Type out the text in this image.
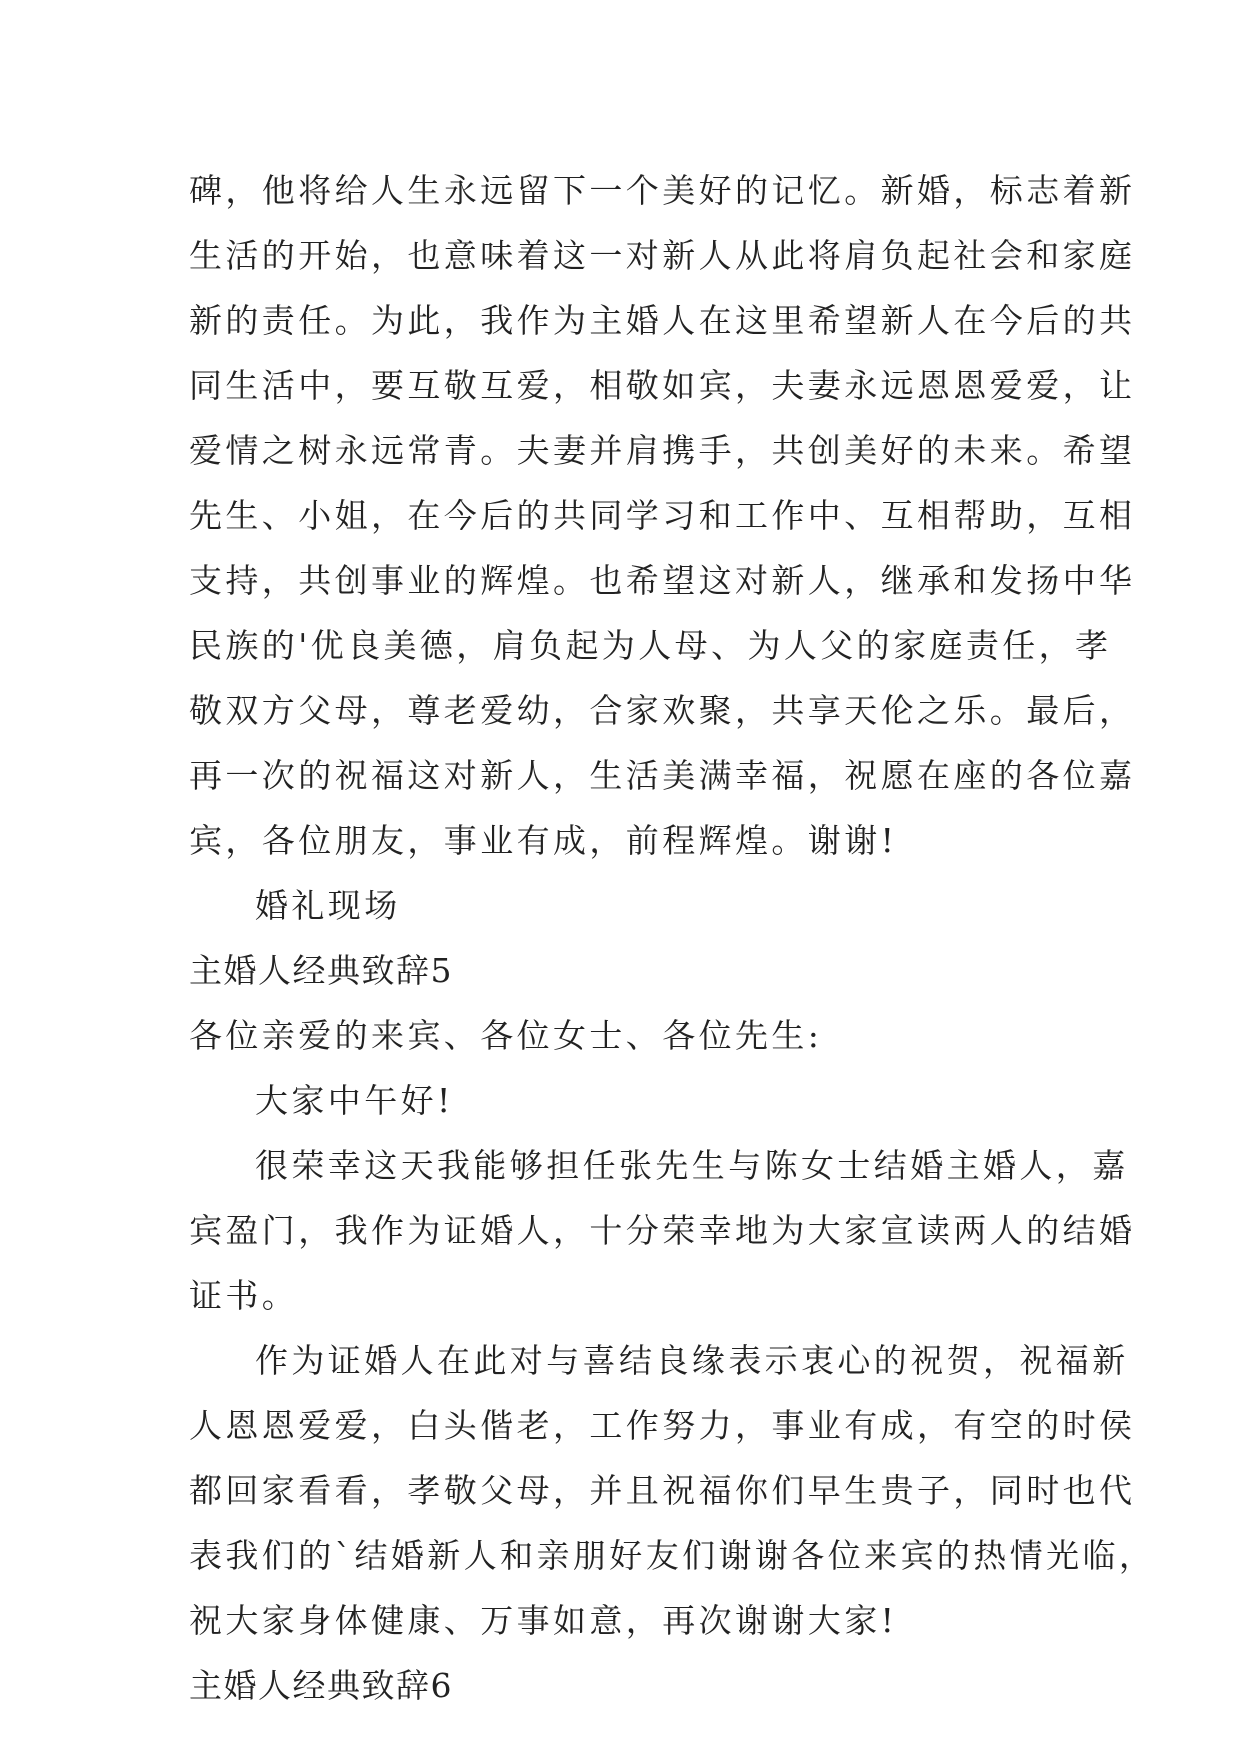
碑，他将给人生永远留下一个美好的记忆。新婚，标志着新
生活的开始，也意味着这一对新人从此将肩负起社会和家庭
新的责任。为此，我作为主婚人在这里希望新人在今后的共
同生活中，要互敬互爱，相敬如宾，夫妻永远恩恩爱爱，让
爱情之树永远常青。夫妻并肩携手，共创美好的未来。希望
先生、小姐，在今后的共同学习和工作中、互相帮助，互相
支持，共创事业的辉煌。也希望这对新人，继承和发扬中华
民族的'优良美德，肩负起为人母、为人父的家庭责任，孝
敬双方父母，尊老爱幼，合家欢聚，共享天伦之乐。最后，
再一次的祝福这对新人，生活美满幸福，祝愿在座的各位嘉
宾，各位朋友，事业有成，前程辉煌。谢谢!
婚礼现场
主婚人经典致辞5
各位亲爱的来宾、各位女士、各位先生:
大家中午好!
很荣幸这天我能够担任张先生与陈女士结婚主婚人，嘉
宾盈门，我作为证婚人，十分荣幸地为大家宣读两人的结婚
证书。
作为证婚人在此对与喜结良缘表示衷心的祝贺，祝福新
人恩恩爱爱，白头偕老，工作努力，事业有成，有空的时侯
都回家看看，孝敬父母，并且祝福你们早生贵子，同时也代
表我们的`结婚新人和亲朋好友们谢谢各位来宾的热情光临，
祝大家身体健康、万事如意，再次谢谢大家!
主婚人经典致辞6
